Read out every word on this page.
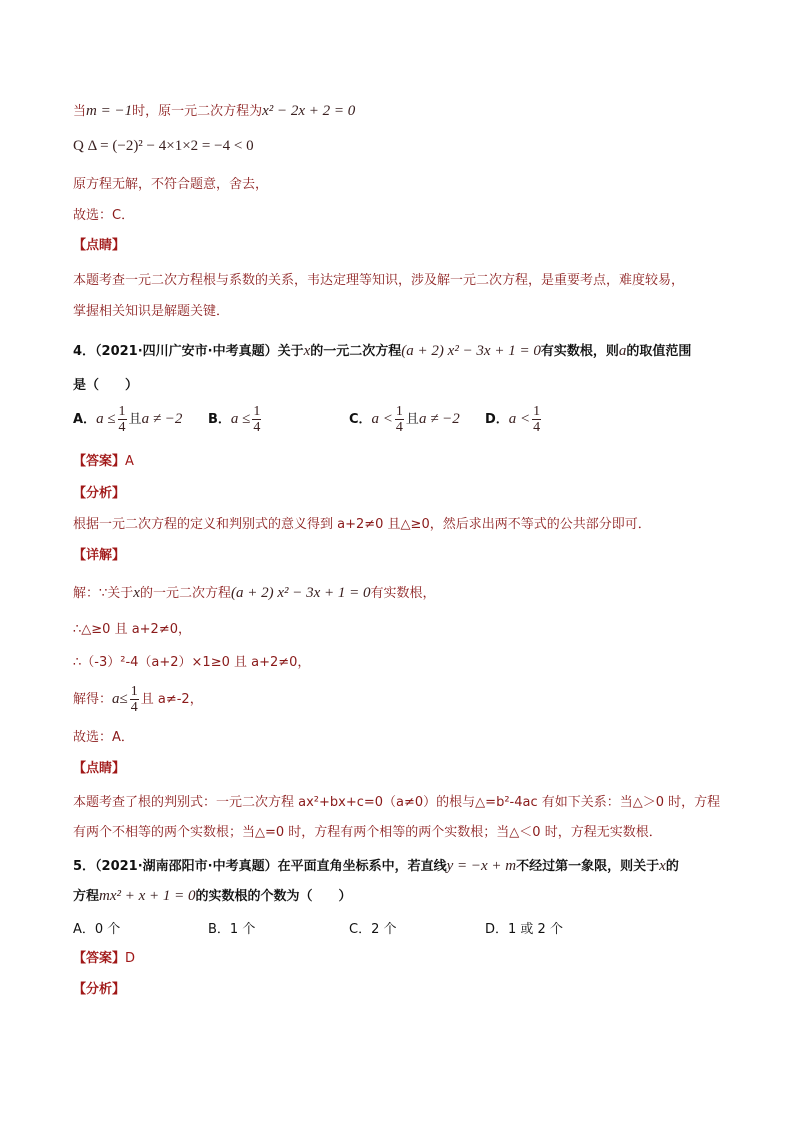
当m = −1时，原一元二次方程为x² − 2x + 2 = 0
Q Δ = (−2)² − 4×1×2 = −4 < 0
原方程无解，不符合题意，舍去，
故选：C．
【点睛】
本题考查一元二次方程根与系数的关系，韦达定理等知识，涉及解一元二次方程，是重要考点，难度较易，
掌握相关知识是解题关键．
4．（2021·四川广安市·中考真题）关于x的一元二次方程(a + 2) x² − 3x + 1 = 0有实数根，则a的取值范围
是（　　）
A．$a \le \frac{1}{4}$ 且a ≠ −2 B．$a \le \frac{1}{4}$	C．$a < \frac{1}{4}$ 且a ≠ −2 D．$a < \frac{1}{4}$
【答案】A
【分析】
根据一元二次方程的定义和判别式的意义得到 a+2≠0 且△≥0，然后求出两不等式的公共部分即可．
【详解】
解：∵关于x的一元二次方程(a + 2) x² − 3x + 1 = 0有实数根，
∴△≥0 且 a+2≠0，
∴（-3）²-4（a+2）×1≥0 且 a+2≠0，
解得：$a\le \frac{1}{4}$ 且 a≠-2，
故选：A．
【点睛】
本题考查了根的判别式：一元二次方程 ax²+bx+c=0（a≠0）的根与△=b²-4ac 有如下关系：当△＞0 时，方程
有两个不相等的两个实数根；当△=0 时，方程有两个相等的两个实数根；当△＜0 时，方程无实数根．
5．（2021·湖南邵阳市·中考真题）在平面直角坐标系中，若直线y = −x + m不经过第一象限，则关于x的
方程mx² + x + 1 = 0的实数根的个数为（　　）
A．0 个	B．1 个	C．2 个	D．1 或 2 个
【答案】D
【分析】
